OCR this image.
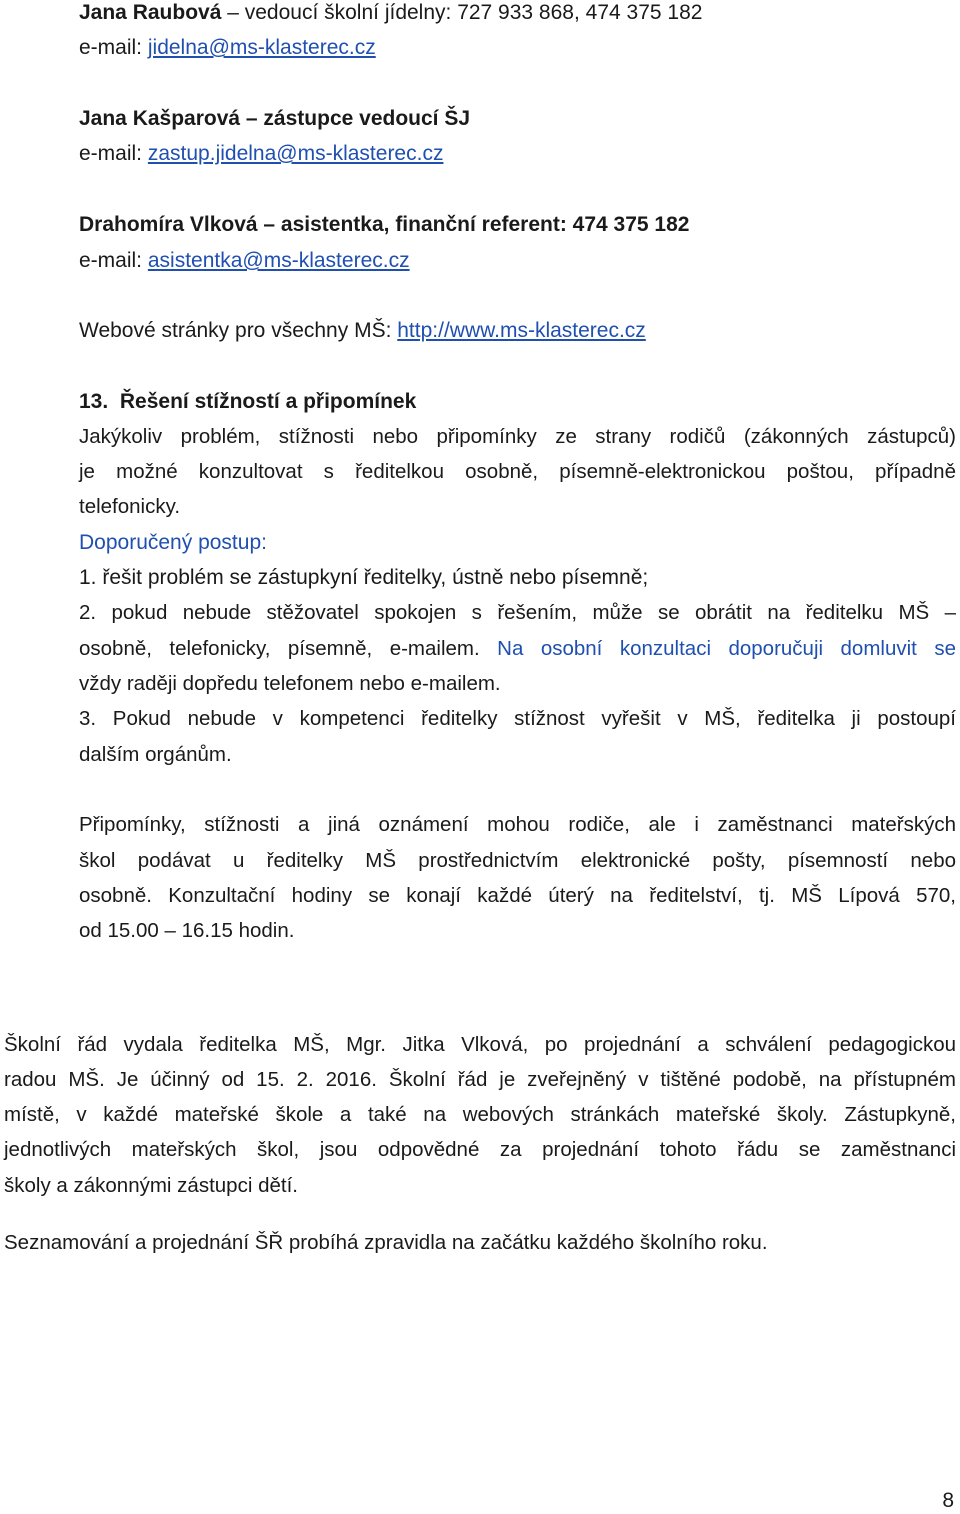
Jana Raubová – vedoucí školní jídelny: 727 933 868, 474 375 182
e-mail: jidelna@ms-klasterec.cz
Jana Kašparová – zástupce vedoucí ŠJ
e-mail: zastup.jidelna@ms-klasterec.cz
Drahomíra Vlková – asistentka, finanční referent: 474 375 182
e-mail: asistentka@ms-klasterec.cz
Webové stránky pro všechny MŠ: http://www.ms-klasterec.cz
13. Řešení stížností a připomínek
Jakýkoliv problém, stížnosti nebo připomínky ze strany rodičů (zákonných zástupců)
je možné konzultovat s ředitelkou osobně, písemně-elektronickou poštou, případně
telefonicky.
Doporučený postup:
1. řešit problém se zástupkyní ředitelky, ústně nebo písemně;
2. pokud nebude stěžovatel spokojen s řešením, může se obrátit na ředitelku MŠ –
osobně, telefonicky, písemně, e-mailem. Na osobní konzultaci doporučuji domluvit se
vždy raději dopředu telefonem nebo e-mailem.
3. Pokud nebude v kompetenci ředitelky stížnost vyřešit v MŠ, ředitelka ji postoupí
dalším orgánům.
Připomínky, stížnosti a jiná oznámení mohou rodiče, ale i zaměstnanci mateřských
škol podávat u ředitelky MŠ prostřednictvím elektronické pošty, písemností nebo
osobně. Konzultační hodiny se konají každé úterý na ředitelství, tj. MŠ Lípová 570,
od 15.00 – 16.15 hodin.
Školní řád vydala ředitelka MŠ, Mgr. Jitka Vlková, po projednání a schválení pedagogickou
radou MŠ. Je účinný od 15. 2. 2016. Školní řád je zveřejněný v tištěné podobě, na přístupném
místě, v každé mateřské škole a také na webových stránkách mateřské školy. Zástupkyně,
jednotlivých mateřských škol, jsou odpovědné za projednání tohoto řádu se zaměstnanci
školy a zákonnými zástupci dětí.
Seznamování a projednání ŠŘ probíhá zpravidla na začátku každého školního roku.
8
